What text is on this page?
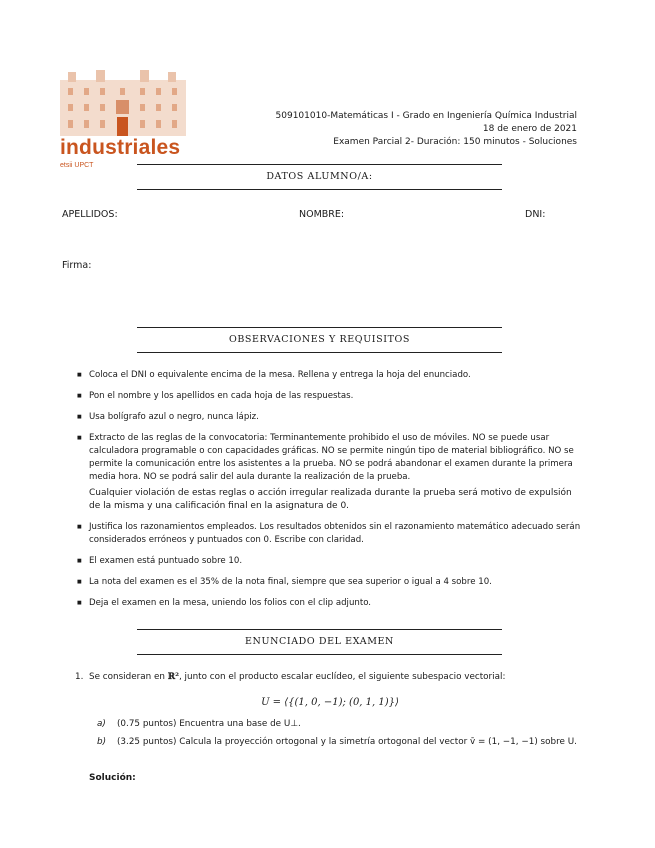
industriales
etsii UPCT
509101010-Matemáticas I - Grado en Ingeniería Química Industrial
18 de enero de 2021
Examen Parcial 2- Duración: 150 minutos - Soluciones
DATOS ALUMNO/A:
APELLIDOS:	NOMBRE:	DNI:
Firma:
OBSERVACIONES Y REQUISITOS
■ Coloca el DNI o equivalente encima de la mesa. Rellena y entrega la hoja del enunciado.
■ Pon el nombre y los apellidos en cada hoja de las respuestas.
■ Usa bolígrafo azul o negro, nunca lápiz.
■ Extracto de las reglas de la convocatoria: Terminantemente prohibido el uso de móviles. NO se puede usar calculadora programable o con capacidades gráficas. NO se permite ningún tipo de material bibliográfico. NO se permite la comunicación entre los asistentes a la prueba. NO se podrá abandonar el examen durante la primera media hora. NO se podrá salir del aula durante la realización de la prueba.
Cualquier violación de estas reglas o acción irregular realizada durante la prueba será motivo de expulsión de la misma y una calificación final en la asignatura de 0.
■ Justifica los razonamientos empleados. Los resultados obtenidos sin el razonamiento matemático adecuado serán considerados erróneos y puntuados con 0. Escribe con claridad.
■ El examen está puntuado sobre 10.
■ La nota del examen es el 35% de la nota final, siempre que sea superior o igual a 4 sobre 10.
■ Deja el examen en la mesa, uniendo los folios con el clip adjunto.
ENUNCIADO DEL EXAMEN
1. Se consideran en ℝ², junto con el producto escalar euclídeo, el siguiente subespacio vectorial:
U = ⟨{(1, 0, −1); (0, 1, 1)}⟩
a) (0.75 puntos) Encuentra una base de U⊥.
b) (3.25 puntos) Calcula la proyección ortogonal y la simetría ortogonal del vector v̄ = (1, −1, −1) sobre U.
Solución:
